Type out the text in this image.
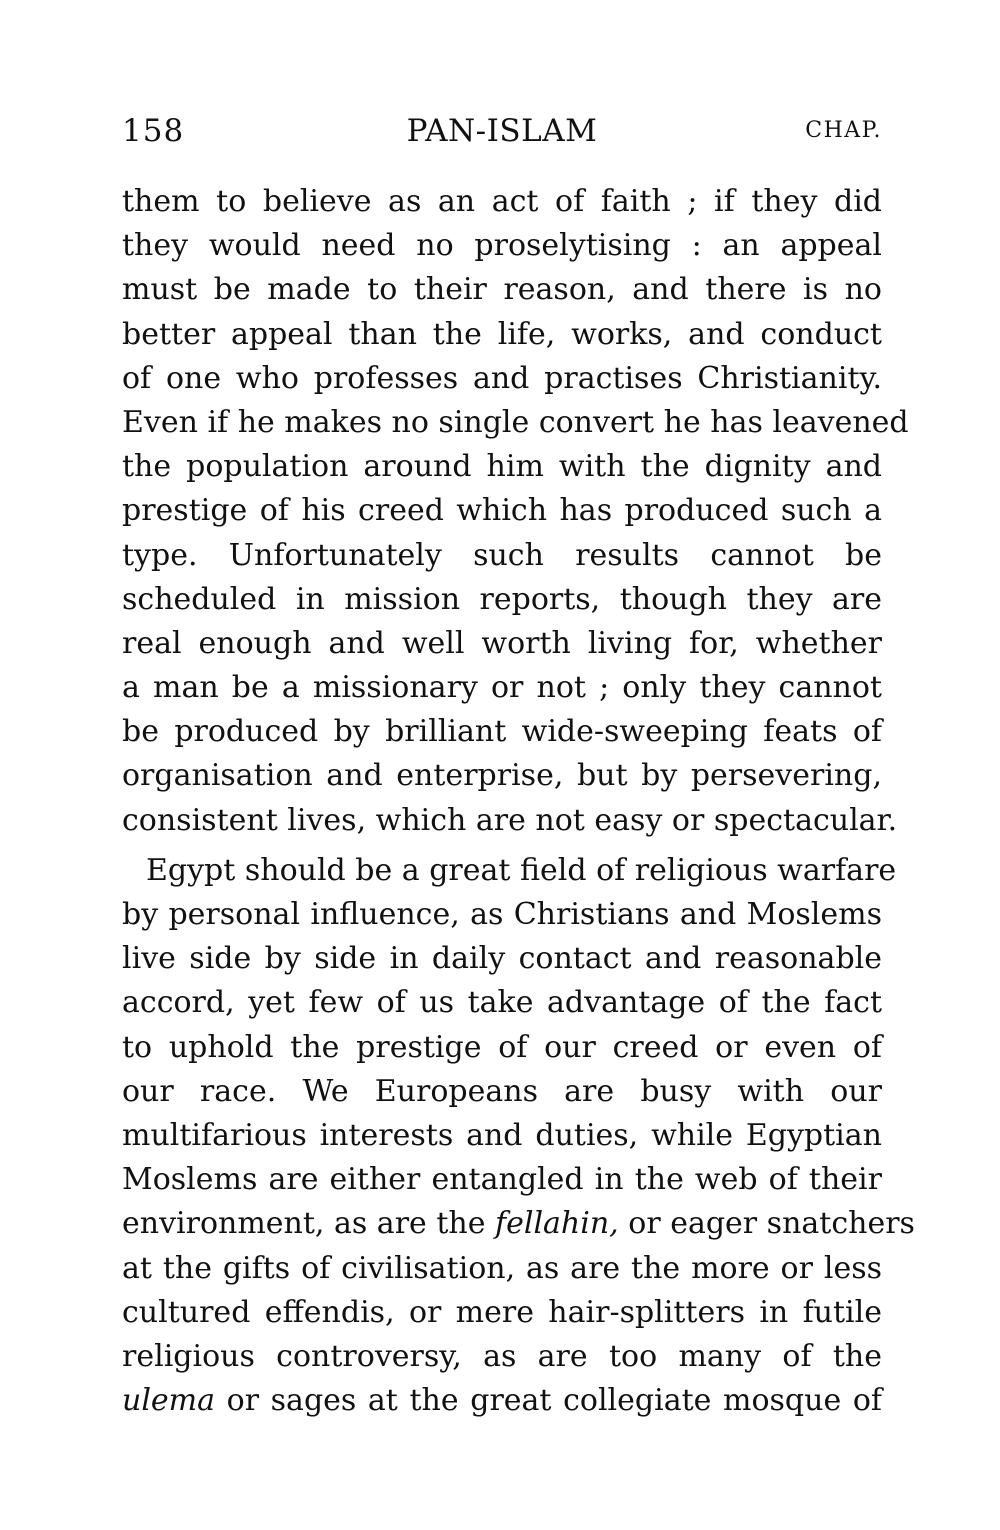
158	PAN-ISLAM	CHAP.
them to believe as an act of faith ; if they did
they would need no proselytising : an appeal
must be made to their reason, and there is no
better appeal than the life, works, and conduct
of one who professes and practises Christianity.
Even if he makes no single convert he has leavened
the population around him with the dignity and
prestige of his creed which has produced such a
type. Unfortunately such results cannot be
scheduled in mission reports, though they are
real enough and well worth living for, whether
a man be a missionary or not ; only they cannot
be produced by brilliant wide-sweeping feats of
organisation and enterprise, but by persevering,
consistent lives, which are not easy or spectacular.
Egypt should be a great field of religious warfare
by personal influence, as Christians and Moslems
live side by side in daily contact and reasonable
accord, yet few of us take advantage of the fact
to uphold the prestige of our creed or even of
our race. We Europeans are busy with our
multifarious interests and duties, while Egyptian
Moslems are either entangled in the web of their
environment, as are the fellahin, or eager snatchers
at the gifts of civilisation, as are the more or less
cultured effendis, or mere hair-splitters in futile
religious controversy, as are too many of the
ulema or sages at the great collegiate mosque of
